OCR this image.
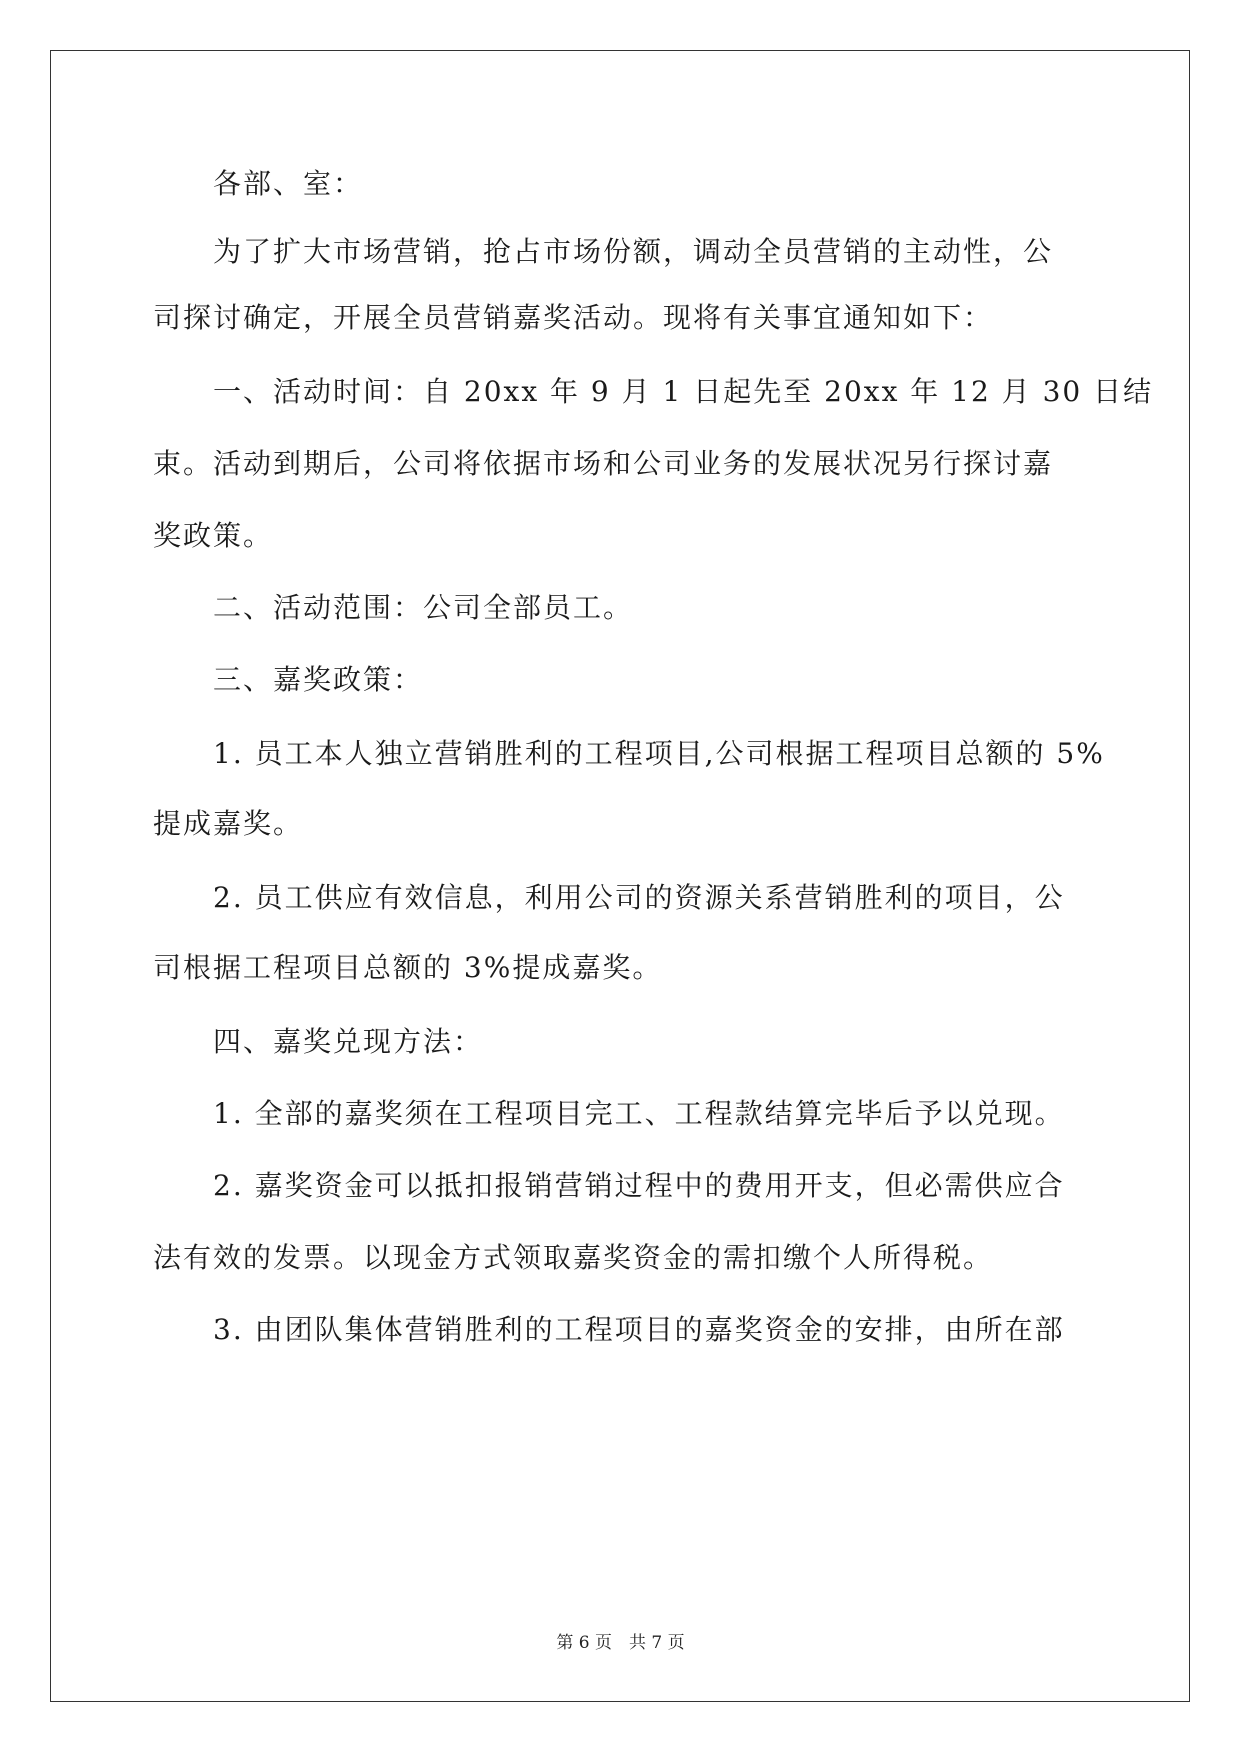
各部、室：
为了扩大市场营销，抢占市场份额，调动全员营销的主动性，公
司探讨确定，开展全员营销嘉奖活动。现将有关事宜通知如下：
一、活动时间：自 20xx 年 9 月 1 日起先至 20xx 年 12 月 30 日结
束。活动到期后，公司将依据市场和公司业务的发展状况另行探讨嘉
奖政策。
二、活动范围：公司全部员工。
三、嘉奖政策：
1. 员工本人独立营销胜利的工程项目,公司根据工程项目总额的 5%
提成嘉奖。
2. 员工供应有效信息，利用公司的资源关系营销胜利的项目，公
司根据工程项目总额的 3%提成嘉奖。
四、嘉奖兑现方法：
1. 全部的嘉奖须在工程项目完工、工程款结算完毕后予以兑现。
2. 嘉奖资金可以抵扣报销营销过程中的费用开支，但必需供应合
法有效的发票。以现金方式领取嘉奖资金的需扣缴个人所得税。
3. 由团队集体营销胜利的工程项目的嘉奖资金的安排，由所在部
第 6 页　共 7 页
